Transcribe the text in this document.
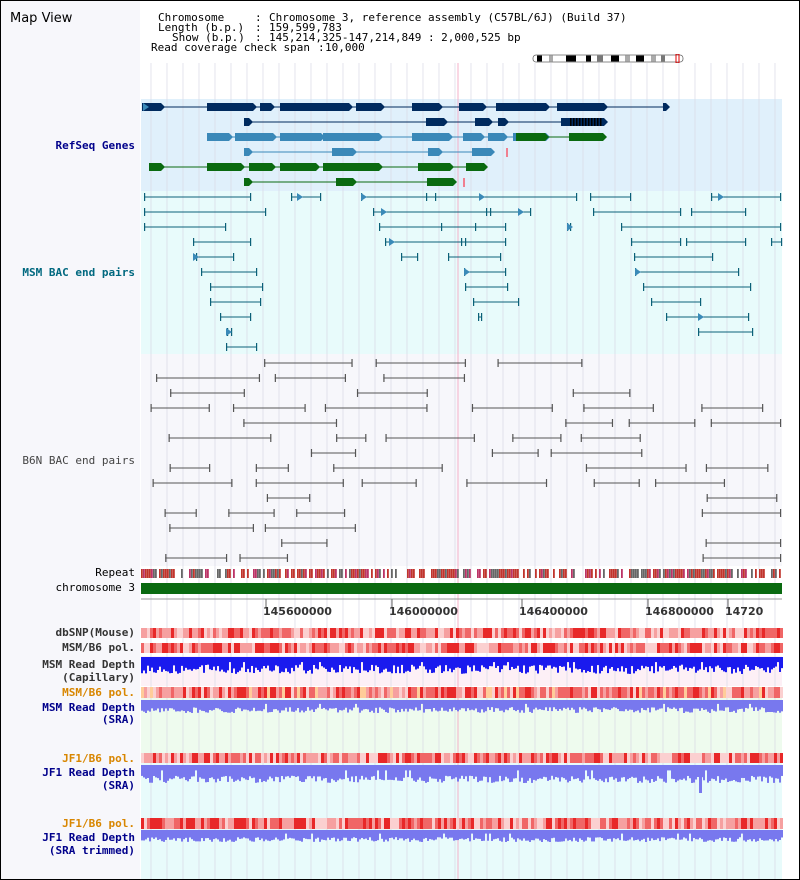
145600000	146000000	146400000	146800000 14720
Map View	Chromosome	: Chromosome 3, reference assembly (C57BL/6J) (Build 37)
Length (b.p.) : 159,599,783
Show (b.p.) : 145,214,325-147,214,849 : 2,000,525 bp
Read coverage check span : 10,000
RefSeq Genes
MSM BAC end pairs
B6N BAC end pairs
Repeat
chromosome 3
dbSNP(Mouse)
MSM/B6 pol.
MSM Read Depth
(Capillary)
MSM/B6 pol.
MSM Read Depth
(SRA)
JF1/B6 pol.
JF1 Read Depth
(SRA)
JF1/B6 pol.
JF1 Read Depth
(SRA trimmed)
